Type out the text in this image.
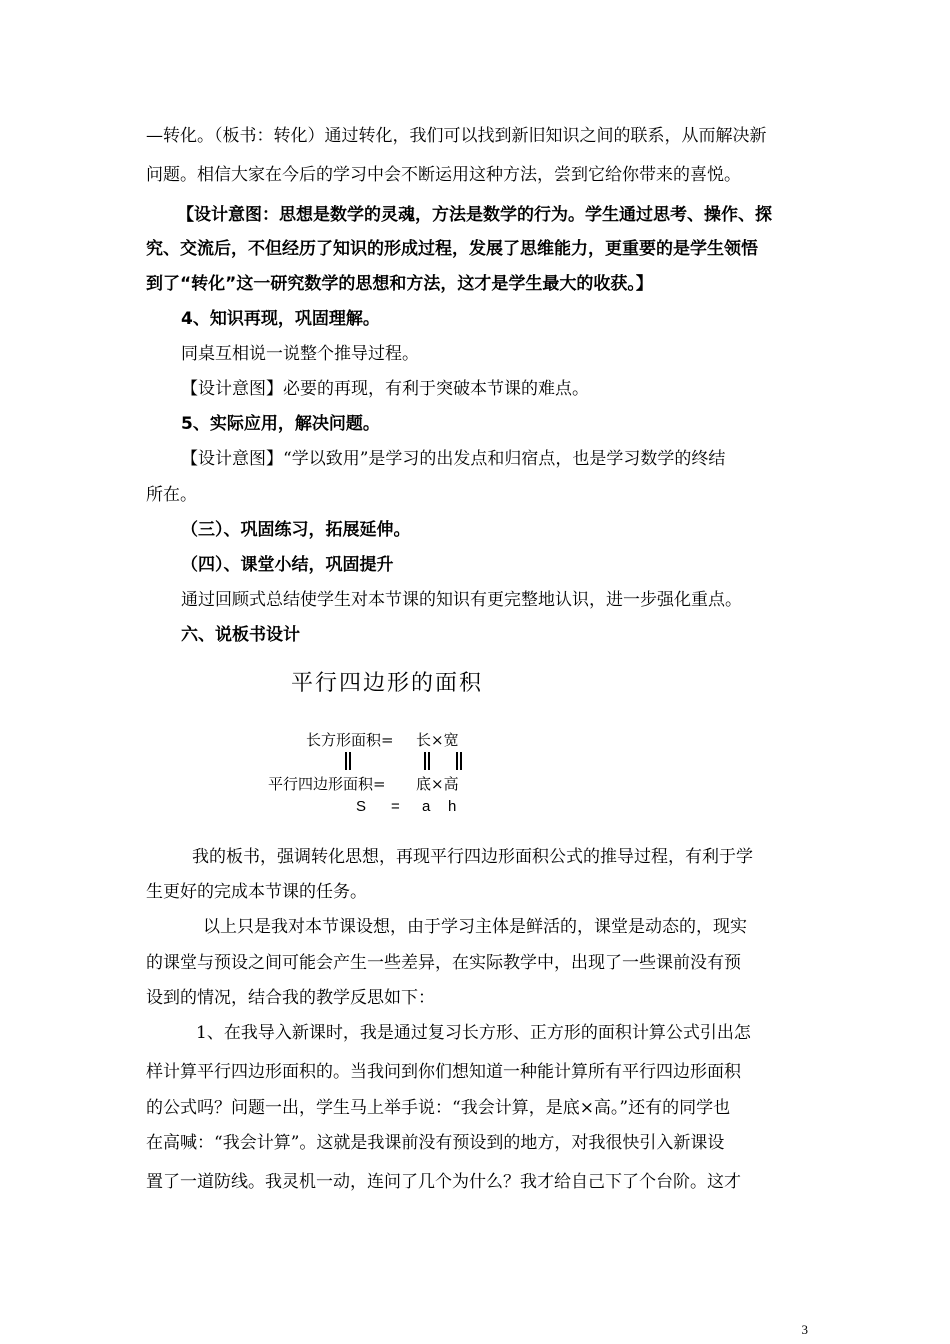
—转化。（板书：转化）通过转化，我们可以找到新旧知识之间的联系，从而解决新
问题。相信大家在今后的学习中会不断运用这种方法，尝到它给你带来的喜悦。
【设计意图：思想是数学的灵魂，方法是数学的行为。学生通过思考、操作、探
究、交流后，不但经历了知识的形成过程，发展了思维能力，更重要的是学生领悟
到了“转化”这一研究数学的思想和方法，这才是学生最大的收获。】
4、知识再现，巩固理解。
同桌互相说一说整个推导过程。
【设计意图】必要的再现，有利于突破本节课的难点。
5、实际应用，解决问题。
【设计意图】“学以致用”是学习的出发点和归宿点，也是学习数学的终结
所在。
（三）、巩固练习，拓展延伸。
（四）、课堂小结，巩固提升
通过回顾式总结使学生对本节课的知识有更完整地认识，进一步强化重点。
六、说板书设计
平行四边形的面积
长方形面积= 长×宽
平行四边形面积= 底×高
S = a h
我的板书，强调转化思想，再现平行四边形面积公式的推导过程，有利于学
生更好的完成本节课的任务。
以上只是我对本节课设想，由于学习主体是鲜活的，课堂是动态的，现实
的课堂与预设之间可能会产生一些差异，在实际教学中，出现了一些课前没有预
设到的情况，结合我的教学反思如下：
1、在我导入新课时，我是通过复习长方形、正方形的面积计算公式引出怎
样计算平行四边形面积的。当我问到你们想知道一种能计算所有平行四边形面积
的公式吗？问题一出，学生马上举手说：“我会计算，是底×高。”还有的同学也
在高喊：“我会计算”。这就是我课前没有预设到的地方，对我很快引入新课设
置了一道防线。我灵机一动，连问了几个为什么？我才给自己下了个台阶。这才
3
